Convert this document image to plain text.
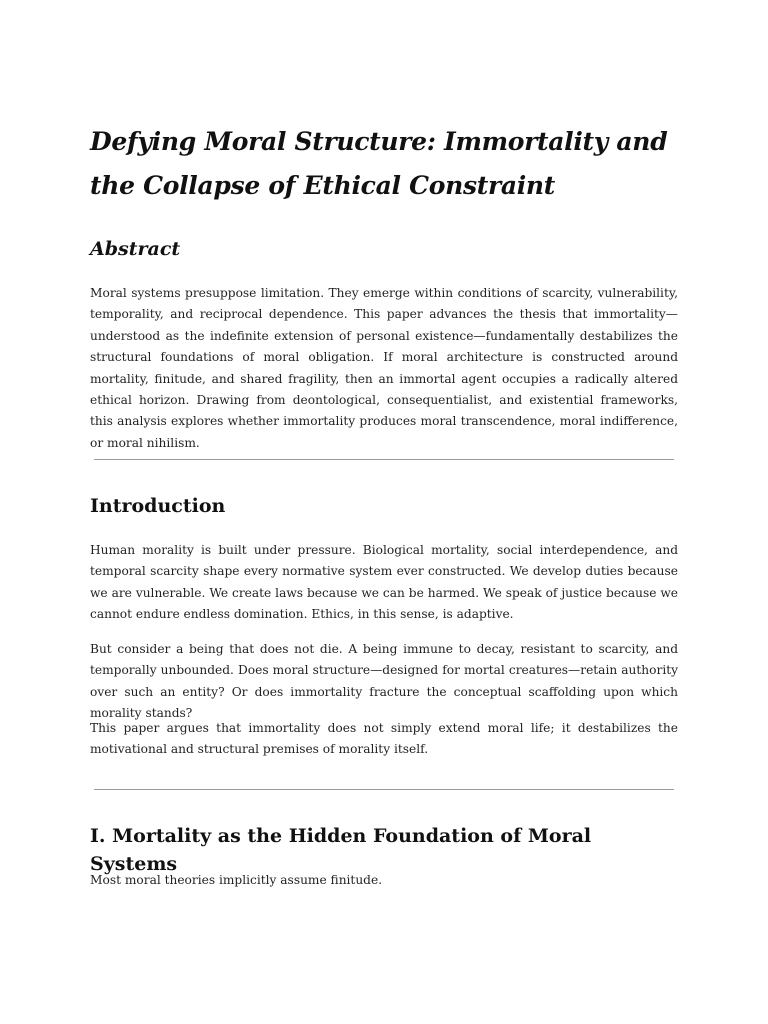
Defying Moral Structure: Immortality and the Collapse of Ethical Constraint
Abstract

Moral systems presuppose limitation. They emerge within conditions of scarcity, vulnerability, temporality, and reciprocal dependence. This paper advances the thesis that immortality—understood as the indefinite extension of personal existence—fundamentally destabilizes the structural foundations of moral obligation. If moral architecture is constructed around mortality, finitude, and shared fragility, then an immortal agent occupies a radically altered ethical horizon. Drawing from deontological, consequentialist, and existential frameworks, this analysis explores whether immortality produces moral transcendence, moral indifference, or moral nihilism.

Introduction

Human morality is built under pressure. Biological mortality, social interdependence, and temporal scarcity shape every normative system ever constructed. We develop duties because we are vulnerable. We create laws because we can be harmed. We speak of justice because we cannot endure endless domination. Ethics, in this sense, is adaptive.

But consider a being that does not die. A being immune to decay, resistant to scarcity, and temporally unbounded. Does moral structure—designed for mortal creatures—retain authority over such an entity? Or does immortality fracture the conceptual scaffolding upon which morality stands?

This paper argues that immortality does not simply extend moral life; it destabilizes the motivational and structural premises of morality itself.

I. Mortality as the Hidden Foundation of Moral Systems

Most moral theories implicitly assume finitude.
